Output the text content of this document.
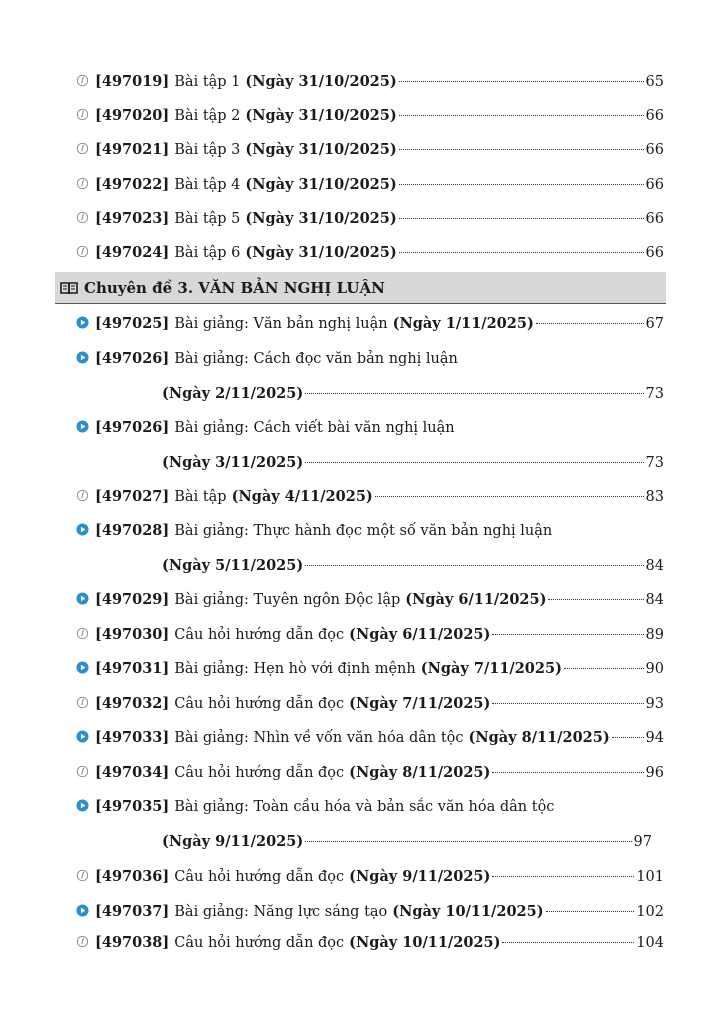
[497019] Bài tập 1 (Ngày 31/10/2025)	65
[497020] Bài tập 2 (Ngày 31/10/2025)	66
[497021] Bài tập 3 (Ngày 31/10/2025)	66
[497022] Bài tập 4 (Ngày 31/10/2025)	66
[497023] Bài tập 5 (Ngày 31/10/2025)	66
[497024] Bài tập 6 (Ngày 31/10/2025)	66
Chuyên đề 3. VĂN BẢN NGHỊ LUẬN
[497025] Bài giảng: Văn bản nghị luận (Ngày 1/11/2025)	67
[497026] Bài giảng: Cách đọc văn bản nghị luận
(Ngày 2/11/2025)	73
[497026] Bài giảng: Cách viết bài văn nghị luận
(Ngày 3/11/2025)	73
[497027] Bài tập (Ngày 4/11/2025)	83
[497028] Bài giảng: Thực hành đọc một số văn bản nghị luận
(Ngày 5/11/2025)	84
[497029] Bài giảng: Tuyên ngôn Độc lập (Ngày 6/11/2025)	84
[497030] Câu hỏi hướng dẫn đọc (Ngày 6/11/2025)	89
[497031] Bài giảng: Hẹn hò với định mệnh (Ngày 7/11/2025)	90
[497032] Câu hỏi hướng dẫn đọc (Ngày 7/11/2025)	93
[497033] Bài giảng: Nhìn về vốn văn hóa dân tộc (Ngày 8/11/2025) 94
[497034] Câu hỏi hướng dẫn đọc (Ngày 8/11/2025)	96
[497035] Bài giảng: Toàn cầu hóa và bản sắc văn hóa dân tộc
(Ngày 9/11/2025)	97
[497036] Câu hỏi hướng dẫn đọc (Ngày 9/11/2025)	101
[497037] Bài giảng: Năng lực sáng tạo (Ngày 10/11/2025)	102
[497038] Câu hỏi hướng dẫn đọc (Ngày 10/11/2025)	104
